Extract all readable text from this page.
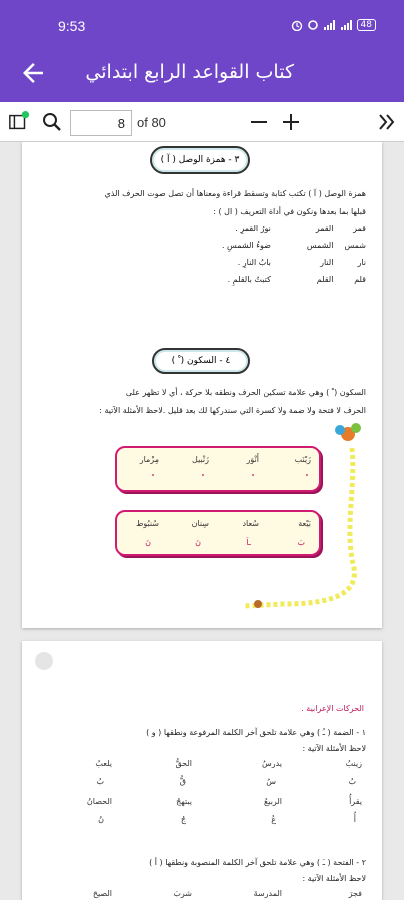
9:53	48
كتاب القواعد الرابع ابتدائي
8
of 80
٣ - همزة الوصل ( آ )
همزة الوصل ( آ ) تكتب كتابة وتسقط قراءة ومعناها أن تصل صوت الحرف الذي
قبلها بما بعدها ونكون في أداة التعريف ( ال ) :
قمر القمر نورُ القمرِ .
شمس الشمس ضوءُ الشمسِ .
نار النار بابُ النارِ .
قلم القلم كتبتُ بالقلمِ .
٤ - السكون ( ْ )
السكون ( ْ ) وهي علامة تسكين الحرف ونطقه بلا حركة ، أي لا تظهر على
الحرف لا فتحة ولا ضمة ولا كسرة التي سندركها لك بعد قليل .لاحظ الأمثلة الآتية :
زَيْنَب
أَنْوَر
زَنْبيل
مِزْمار
بَيْعة
سُعاد
سِنان
سُنبُوط
بَ
ـاَ
نَ
نَ
الحركات الإعرابية .
١ - الضمة ( ـُ ) وهي علامة تلحق آخر الكلمة المرفوعة ونطقها ( و )
لاحظ الأمثلة الآتية :
زينبُ
يدرسُ
الحقُّ
يلعبُ
بُ
سُ
قُّ
بُ
يقرأُ
الربيعُ
يبتهجُ
الحصانُ
أُ
عُ
جُ
نُ
٢ - الفتحة ( ـَ ) وهي علامة تلحق آخر الكلمة المنصوبة ونطقها ( أ )
لاحظ الأمثلة الآتية :
فجرَ
المدرسةَ
شربَ
الصيحَ
